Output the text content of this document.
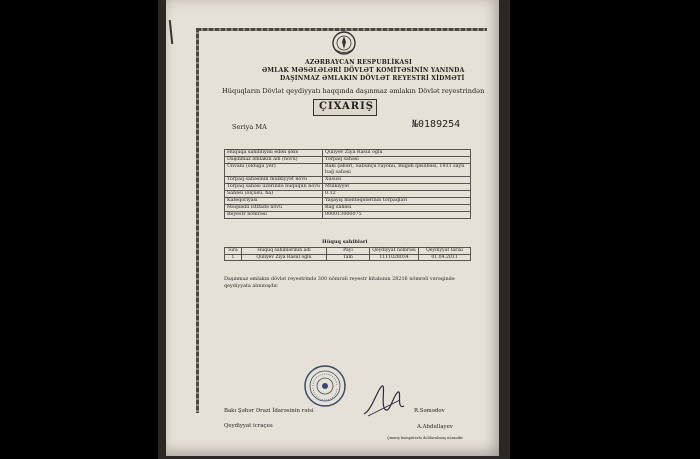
AZƏRBAYCAN RESPUBLİKASI
ƏMLAK MƏSƏLƏLƏRİ DÖVLƏT KOMİTƏSİNİN YANINDA
DAŞINMAZ ƏMLAKIN DÖVLƏT REYESTRİ XİDMƏTİ
Hüquqların Dövlət qeydiyyatı haqqında daşınmaz əmlakın Dövlət reyestrindən
ÇIXARIŞ
Seriya MA	№0189254
Hüquqa sahibliyini edən şəxs	Quliyev Ziya Rasul oğlu
Daşınmaz əmlakın adı (növü)	Torpaq sahəsi
Ünvanı (olduğu yer)	Bakı şəhəri, Sabunçu rayonu, Bilgəh qəsəbəsi, 1931 saylı bağ sahəsi
Torpaq sahəsinin mülkiyyət növü	Xüsusi
Torpaq sahəsi üzərində hüququn növü	Mülkiyyət
Sahəsi (ölçüsü, ha)	0.12
Kateqoriyası	Yaşayış məntəqələrinin torpaqları
Məqsədli istifadə növü	Bağ sahəsi
Reyestr nömrəsi	000013000075
Hüquq sahibləri
Sıra	Hüquq sahiblərinin adı	Payı	Qeydiyyat nömrəsi	Qeydiyyat tarixi
1	Quliyev Ziya Rasul oğlu	Tam	1111028034	01.04.2011
Daşınmaz əmlakın dövlət reyestrində 300 nömrəli reyestr kitabının 28216 nömrəli vərəqində qeydiyyata alınmışdır.
Bakı Şəhər Ərazi İdarəsinin rəisi	R.Səmədov
Qeydiyyat icraçısı	A.Abdullayev
Çıxarış kompüterlə doldurulmuş nüsxədir
